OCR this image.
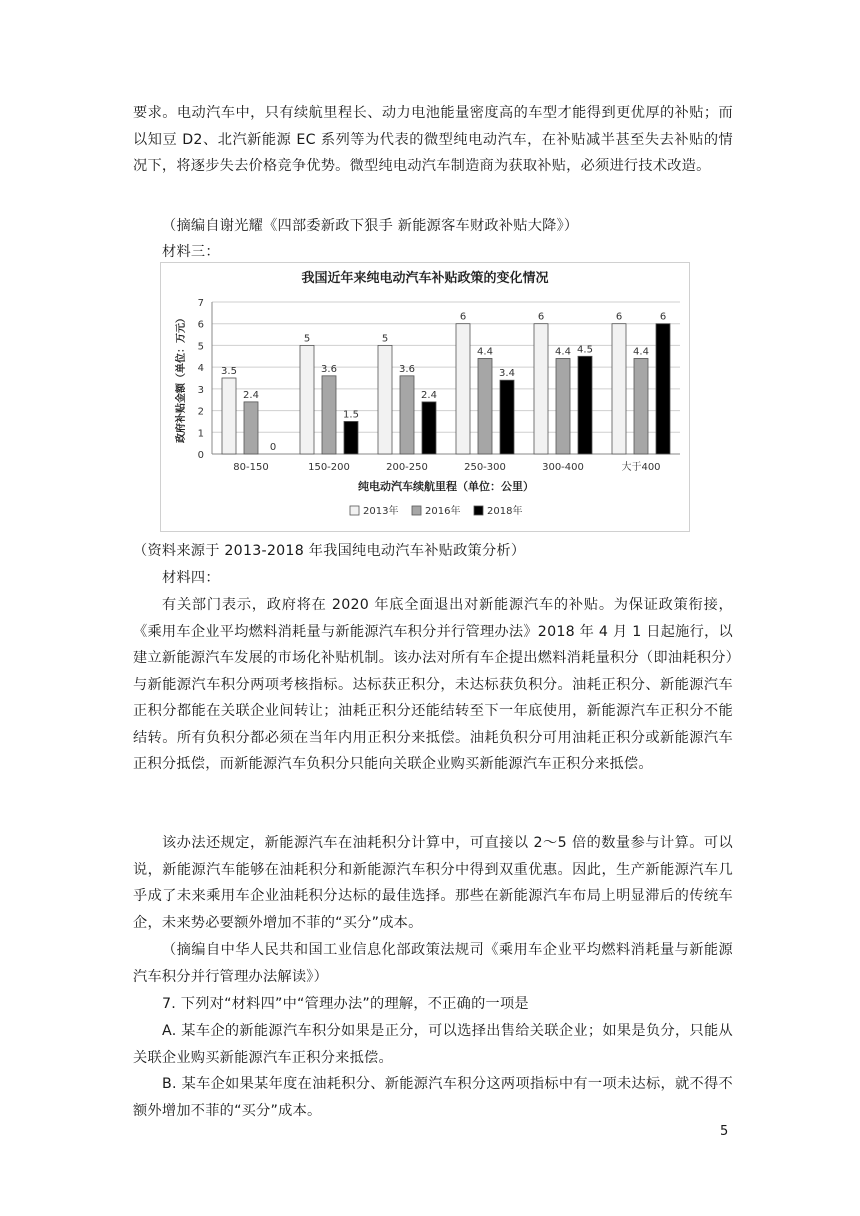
要求。电动汽车中，只有续航里程长、动力电池能量密度高的车型才能得到更优厚的补贴；而以知豆 D2、北汽新能源 EC 系列等为代表的微型纯电动汽车，在补贴减半甚至失去补贴的情况下，将逐步失去价格竞争优势。微型纯电动汽车制造商为获取补贴，必须进行技术改造。
（摘编自谢光耀《四部委新政下狠手 新能源客车财政补贴大降》）
材料三：
我国近年来纯电动汽车补贴政策的变化情况
0
1
2
3
4
5
6
7
政府补贴金额（单位：万元）	3.5
2.4
0
80-150
5
3.6
1.5
150-200
5
3.6
2.4
200-250
6
4.4
3.4
250-300
6
4.4 4.5
300-400
6
4.4
6
大于400
纯电动汽车续航里程（单位：公里）
2013年	2016年	2018年
（资料来源于 2013-2018 年我国纯电动汽车补贴政策分析）
材料四：
有关部门表示，政府将在 2020 年底全面退出对新能源汽车的补贴。为保证政策衔接，《乘用车企业平均燃料消耗量与新能源汽车积分并行管理办法》2018 年 4 月 1 日起施行，以建立新能源汽车发展的市场化补贴机制。该办法对所有车企提出燃料消耗量积分（即油耗积分）与新能源汽车积分两项考核指标。达标获正积分，未达标获负积分。油耗正积分、新能源汽车正积分都能在关联企业间转让；油耗正积分还能结转至下一年底使用，新能源汽车正积分不能结转。所有负积分都必须在当年内用正积分来抵偿。油耗负积分可用油耗正积分或新能源汽车正积分抵偿，而新能源汽车负积分只能向关联企业购买新能源汽车正积分来抵偿。
该办法还规定，新能源汽车在油耗积分计算中，可直接以 2～5 倍的数量参与计算。可以说，新能源汽车能够在油耗积分和新能源汽车积分中得到双重优惠。因此，生产新能源汽车几乎成了未来乘用车企业油耗积分达标的最佳选择。那些在新能源汽车布局上明显滞后的传统车企，未来势必要额外增加不菲的“买分”成本。
（摘编自中华人民共和国工业信息化部政策法规司《乘用车企业平均燃料消耗量与新能源汽车积分并行管理办法解读》）
7. 下列对“材料四”中“管理办法”的理解，不正确的一项是
A. 某车企的新能源汽车积分如果是正分，可以选择出售给关联企业；如果是负分，只能从关联企业购买新能源汽车正积分来抵偿。
B. 某车企如果某年度在油耗积分、新能源汽车积分这两项指标中有一项未达标，就不得不额外增加不菲的“买分”成本。
5
